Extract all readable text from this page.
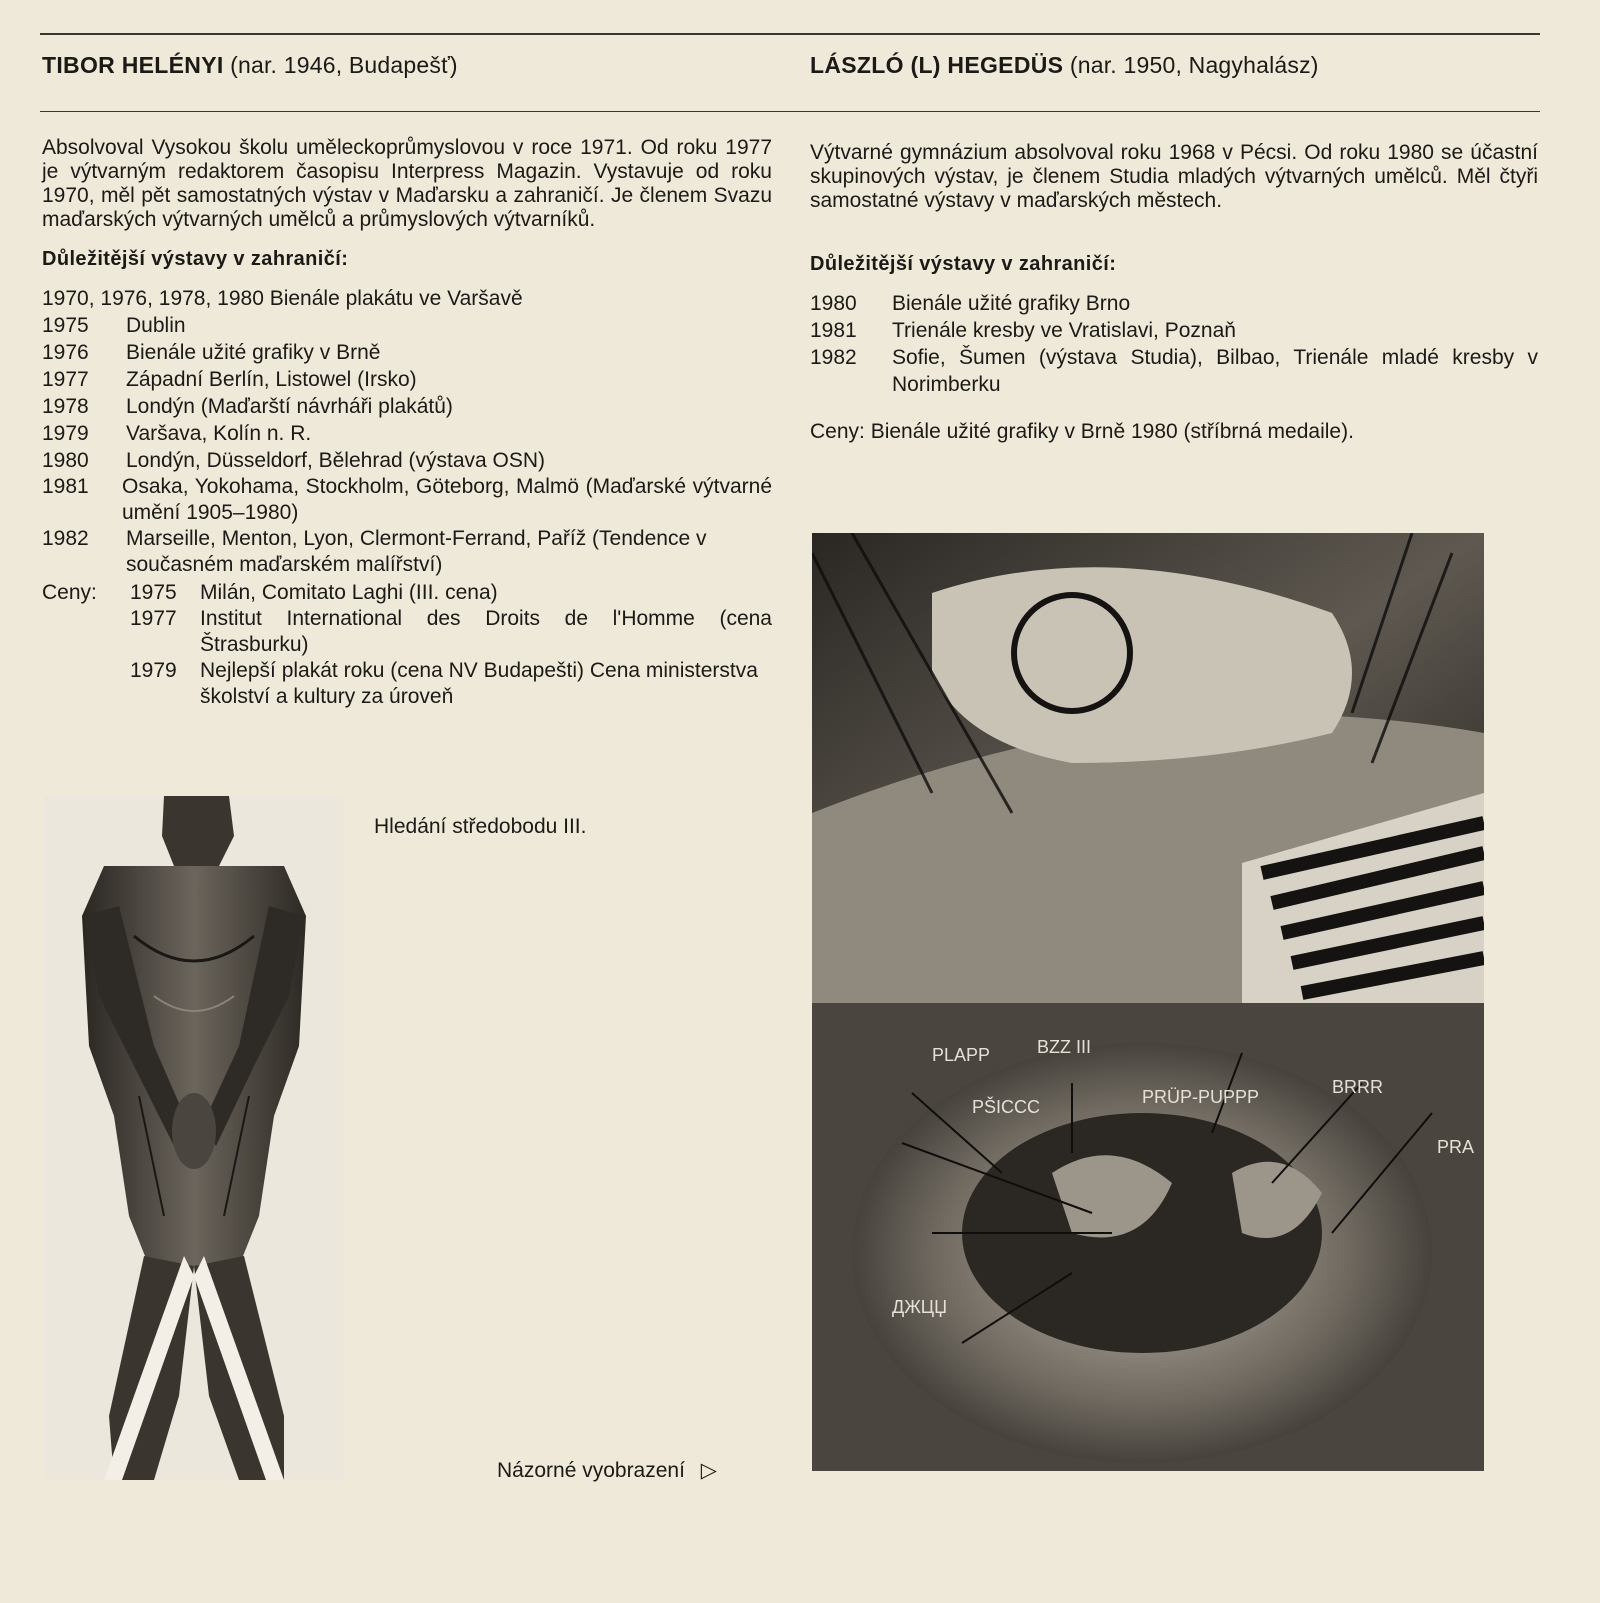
TIBOR HELÉNYI (nar. 1946, Budapešť)

Absolvoval Vysokou školu uměleckoprůmyslovou v roce 1971. Od roku 1977 je výtvarným redaktorem časopisu Interpress Magazin. Vystavuje od roku 1970, měl pět samostatných výstav v Maďarsku a zahraničí. Je členem Svazu maďarských výtvarných umělců a průmyslových výtvarníků.

Důležitější výstavy v zahraničí:

1970, 1976, 1978, 1980 Bienále plakátu ve Varšavě
1975	Dublin
1976	Bienále užité grafiky v Brně
1977	Západní Berlín, Listowel (Irsko)
1978	Londýn (Maďarští návrháři plakátů)
1979	Varšava, Kolín n. R.
1980	Londýn, Düsseldorf, Bělehrad (výstava OSN)
1981	Osaka, Yokohama, Stockholm, Göteborg, Malmö (Maďarské výtvarné umění 1905–1980)
1982	Marseille, Menton, Lyon, Clermont-Ferrand, Paříž (Tendence v současném maďarském malířství)
Ceny:	1975	Milán, Comitato Laghi (III. cena)
1977	Institut International des Droits de l'Homme (cena Štrasburku)
1979	Nejlepší plakát roku (cena NV Budapešti) Cena ministerstva školství a kultury za úroveň
Hledání středobodu III.
Názorné vyobrazení ▷
LÁSZLÓ (L) HEGEDÜS (nar. 1950, Nagyhalász)

Výtvarné gymnázium absolvoval roku 1968 v Pécsi. Od roku 1980 se účastní skupinových výstav, je členem Studia mladých výtvarných umělců. Měl čtyři samostatné výstavy v maďarských městech.

Důležitější výstavy v zahraničí:

1980	Bienále užité grafiky Brno
1981	Trienále kresby ve Vratislavi, Poznaň
1982	Sofie, Šumen (výstava Studia), Bilbao, Trienále mladé kresby v Norimberku

Ceny: Bienále užité grafiky v Brně 1980 (stříbrná medaile).

PRÜP-PUPPP
PŠICCC
BRRR
PLAPP	BZZ III
ДЖЦЏ
PRA
